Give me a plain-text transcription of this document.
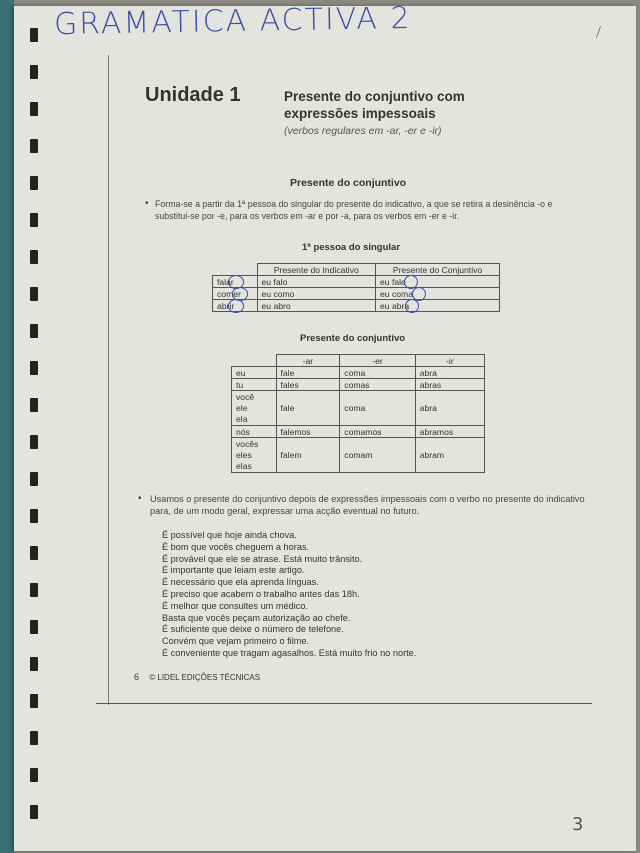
GRAMATICA ACTIVA 2
Unidade 1	Presente do conjuntivo com expressões impessoais
(verbos regulares em -ar, -er e -ir)
Presente do conjuntivo
• Forma-se a partir da 1ª pessoa do singular do presente do indicativo, a que se retira a desinência -o e substitui-se por -e, para os verbos em -ar e por -a, para os verbos em -er e -ir.
1ª pessoa do singular
	Presente do Indicativo	Presente do Conjuntivo
falar	eu falo	eu fale
comer	eu como	eu coma
abrir	eu abro	eu abra
Presente do conjuntivo
	-ar	-er	-ir
eu	fale	coma	abra
tu	fales	comas	abras
você
ele
ela	fale	coma	abra
nós	falemos	comamos	abramos
vocês
eles
elas	falem	comam	abram
• Usamos o presente do conjuntivo depois de expressões impessoais com o verbo no presente do indicativo para, de um modo geral, expressar uma acção eventual no futuro.
É possível que hoje ainda chova.
É bom que vocês cheguem a horas.
É provável que ele se atrase. Está muito trânsito.
É importante que leiam este artigo.
É necessário que ela aprenda línguas.
É preciso que acabem o trabalho antes das 18h.
É melhor que consultes um médico.
Basta que vocês peçam autorização ao chefe.
É suficiente que deixe o número de telefone.
Convém que vejam primeiro o filme.
É conveniente que tragam agasalhos. Está muito frio no norte.
6 © LIDEL EDIÇÕES TÉCNICAS
3
